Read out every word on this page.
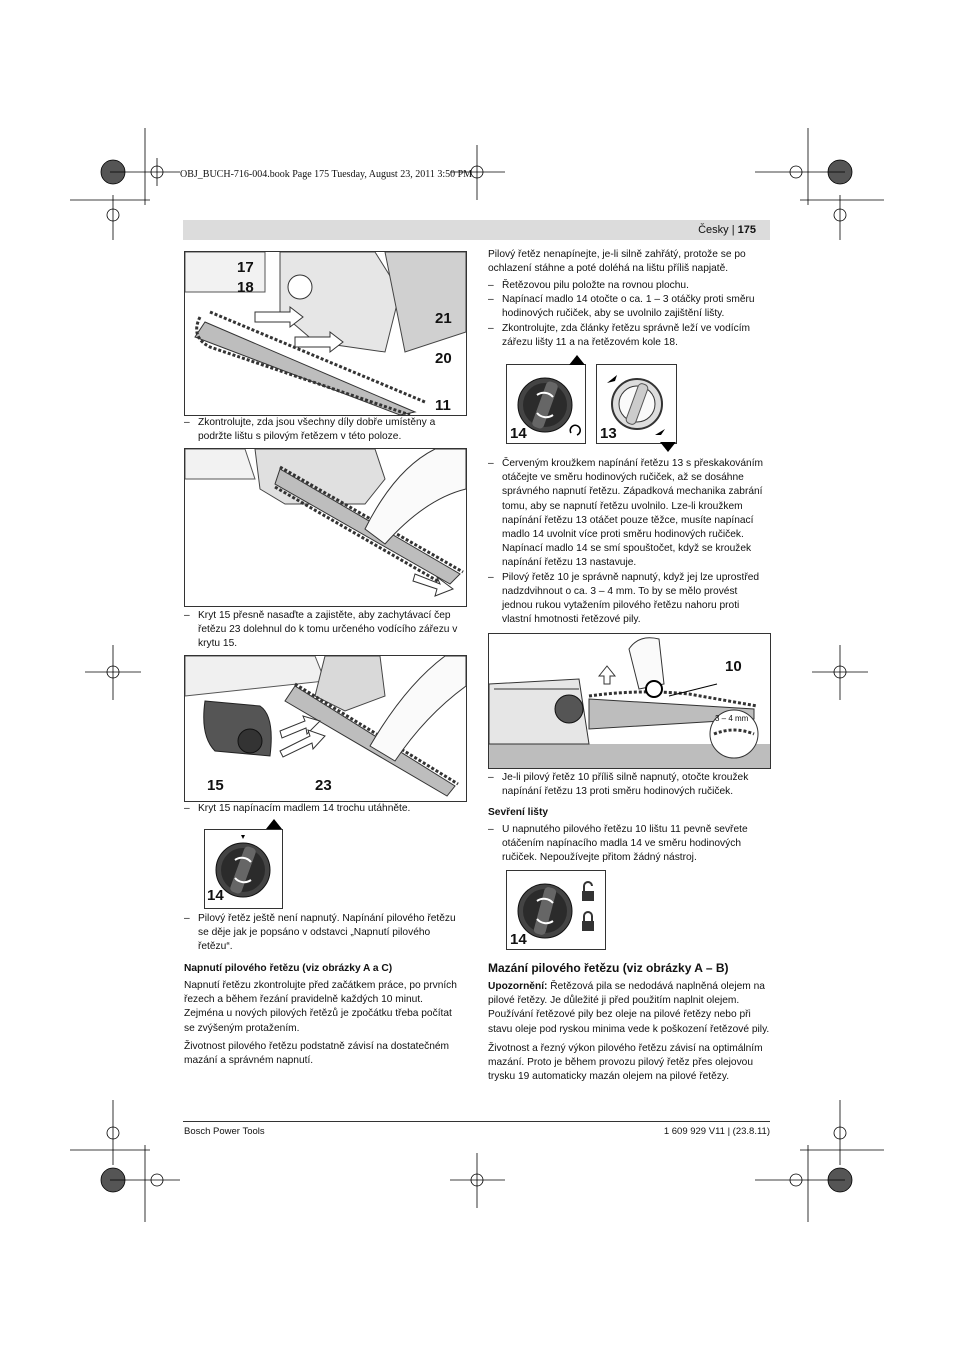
OBJ_BUCH-716-004.book Page 175 Tuesday, August 23, 2011 3:50 PM
Česky | 175
17
18
21
20
11
– Zkontrolujte, zda jsou všechny díly dobře umístěny a podržte lištu s pilovým řetězem v této poloze.
– Kryt 15 přesně nasaďte a zajistěte, aby zachytávací čep řetězu 23 dolehnul do k tomu určeného vodícího zářezu v krytu 15.
15	23
– Kryt 15 napínacím madlem 14 trochu utáhněte.
14
– Pilový řetěz ještě není napnutý. Napínání pilového řetězu se děje jak je popsáno v odstavci „Napnutí pilového řetězu“.
Napnutí pilového řetězu (viz obrázky A a C)

Napnutí řetězu zkontrolujte před začátkem práce, po prvních řezech a během řezání pravidelně každých 10 minut. Zejména u nových pilových řetězů je zpočátku třeba počítat se zvýšeným protažením.

Životnost pilového řetězu podstatně závisí na dostatečném mazání a správném napnutí.

Pilový řetěz nenapínejte, je-li silně zahřátý, protože se po ochlazení stáhne a poté doléhá na lištu příliš napjatě.

– Řetězovou pilu položte na rovnou plochu.
– Napínací madlo 14 otočte o ca. 1 – 3 otáčky proti směru hodinových ručiček, aby se uvolnilo zajištění lišty.
– Zkontrolujte, zda články řetězu správně leží ve vodícím zářezu lišty 11 a na řetězovém kole 18.
14	13
– Červeným kroužkem napínání řetězu 13 s přeskakováním otáčejte ve směru hodinových ručiček, až se dosáhne správného napnutí řetězu. Západková mechanika zabrání tomu, aby se napnutí řetězu uvolnilo. Lze-li kroužkem napínání řetězu 13 otáčet pouze těžce, musíte napínací madlo 14 uvolnit více proti směru hodinových ručiček. Napínací madlo 14 se smí spouštočet, když se kroužek napínání řetězu 13 nastavuje.
– Pilový řetěz 10 je správně napnutý, když jej lze uprostřed nadzdvihnout o ca. 3 – 4 mm. To by se mělo provést jednou rukou vytažením pilového řetězu nahoru proti vlastní hmotnosti řetězové pily.
10
3 – 4 mm
– Je-li pilový řetěz 10 příliš silně napnutý, otočte kroužek napínání řetězu 13 proti směru hodinových ručiček.
Sevření lišty
– U napnutého pilového řetězu 10 lištu 11 pevně sevřete otáčením napínacího madla 14 ve směru hodinových ručiček. Nepoužívejte přitom žádný nástroj.
14
Mazání pilového řetězu (viz obrázky A – B)

Upozornění: Řetězová pila se nedodává naplněná olejem na pilové řetězy. Je důležité ji před použitím naplnit olejem. Používání řetězové pily bez oleje na pilové řetězy nebo při stavu oleje pod ryskou minima vede k poškození řetězové pily.

Životnost a řezný výkon pilového řetězu závisí na optimálním mazání. Proto je během provozu pilový řetěz přes olejovou trysku 19 automaticky mazán olejem na pilové řetězy.

Bosch Power Tools	1 609 929 V11 | (23.8.11)
